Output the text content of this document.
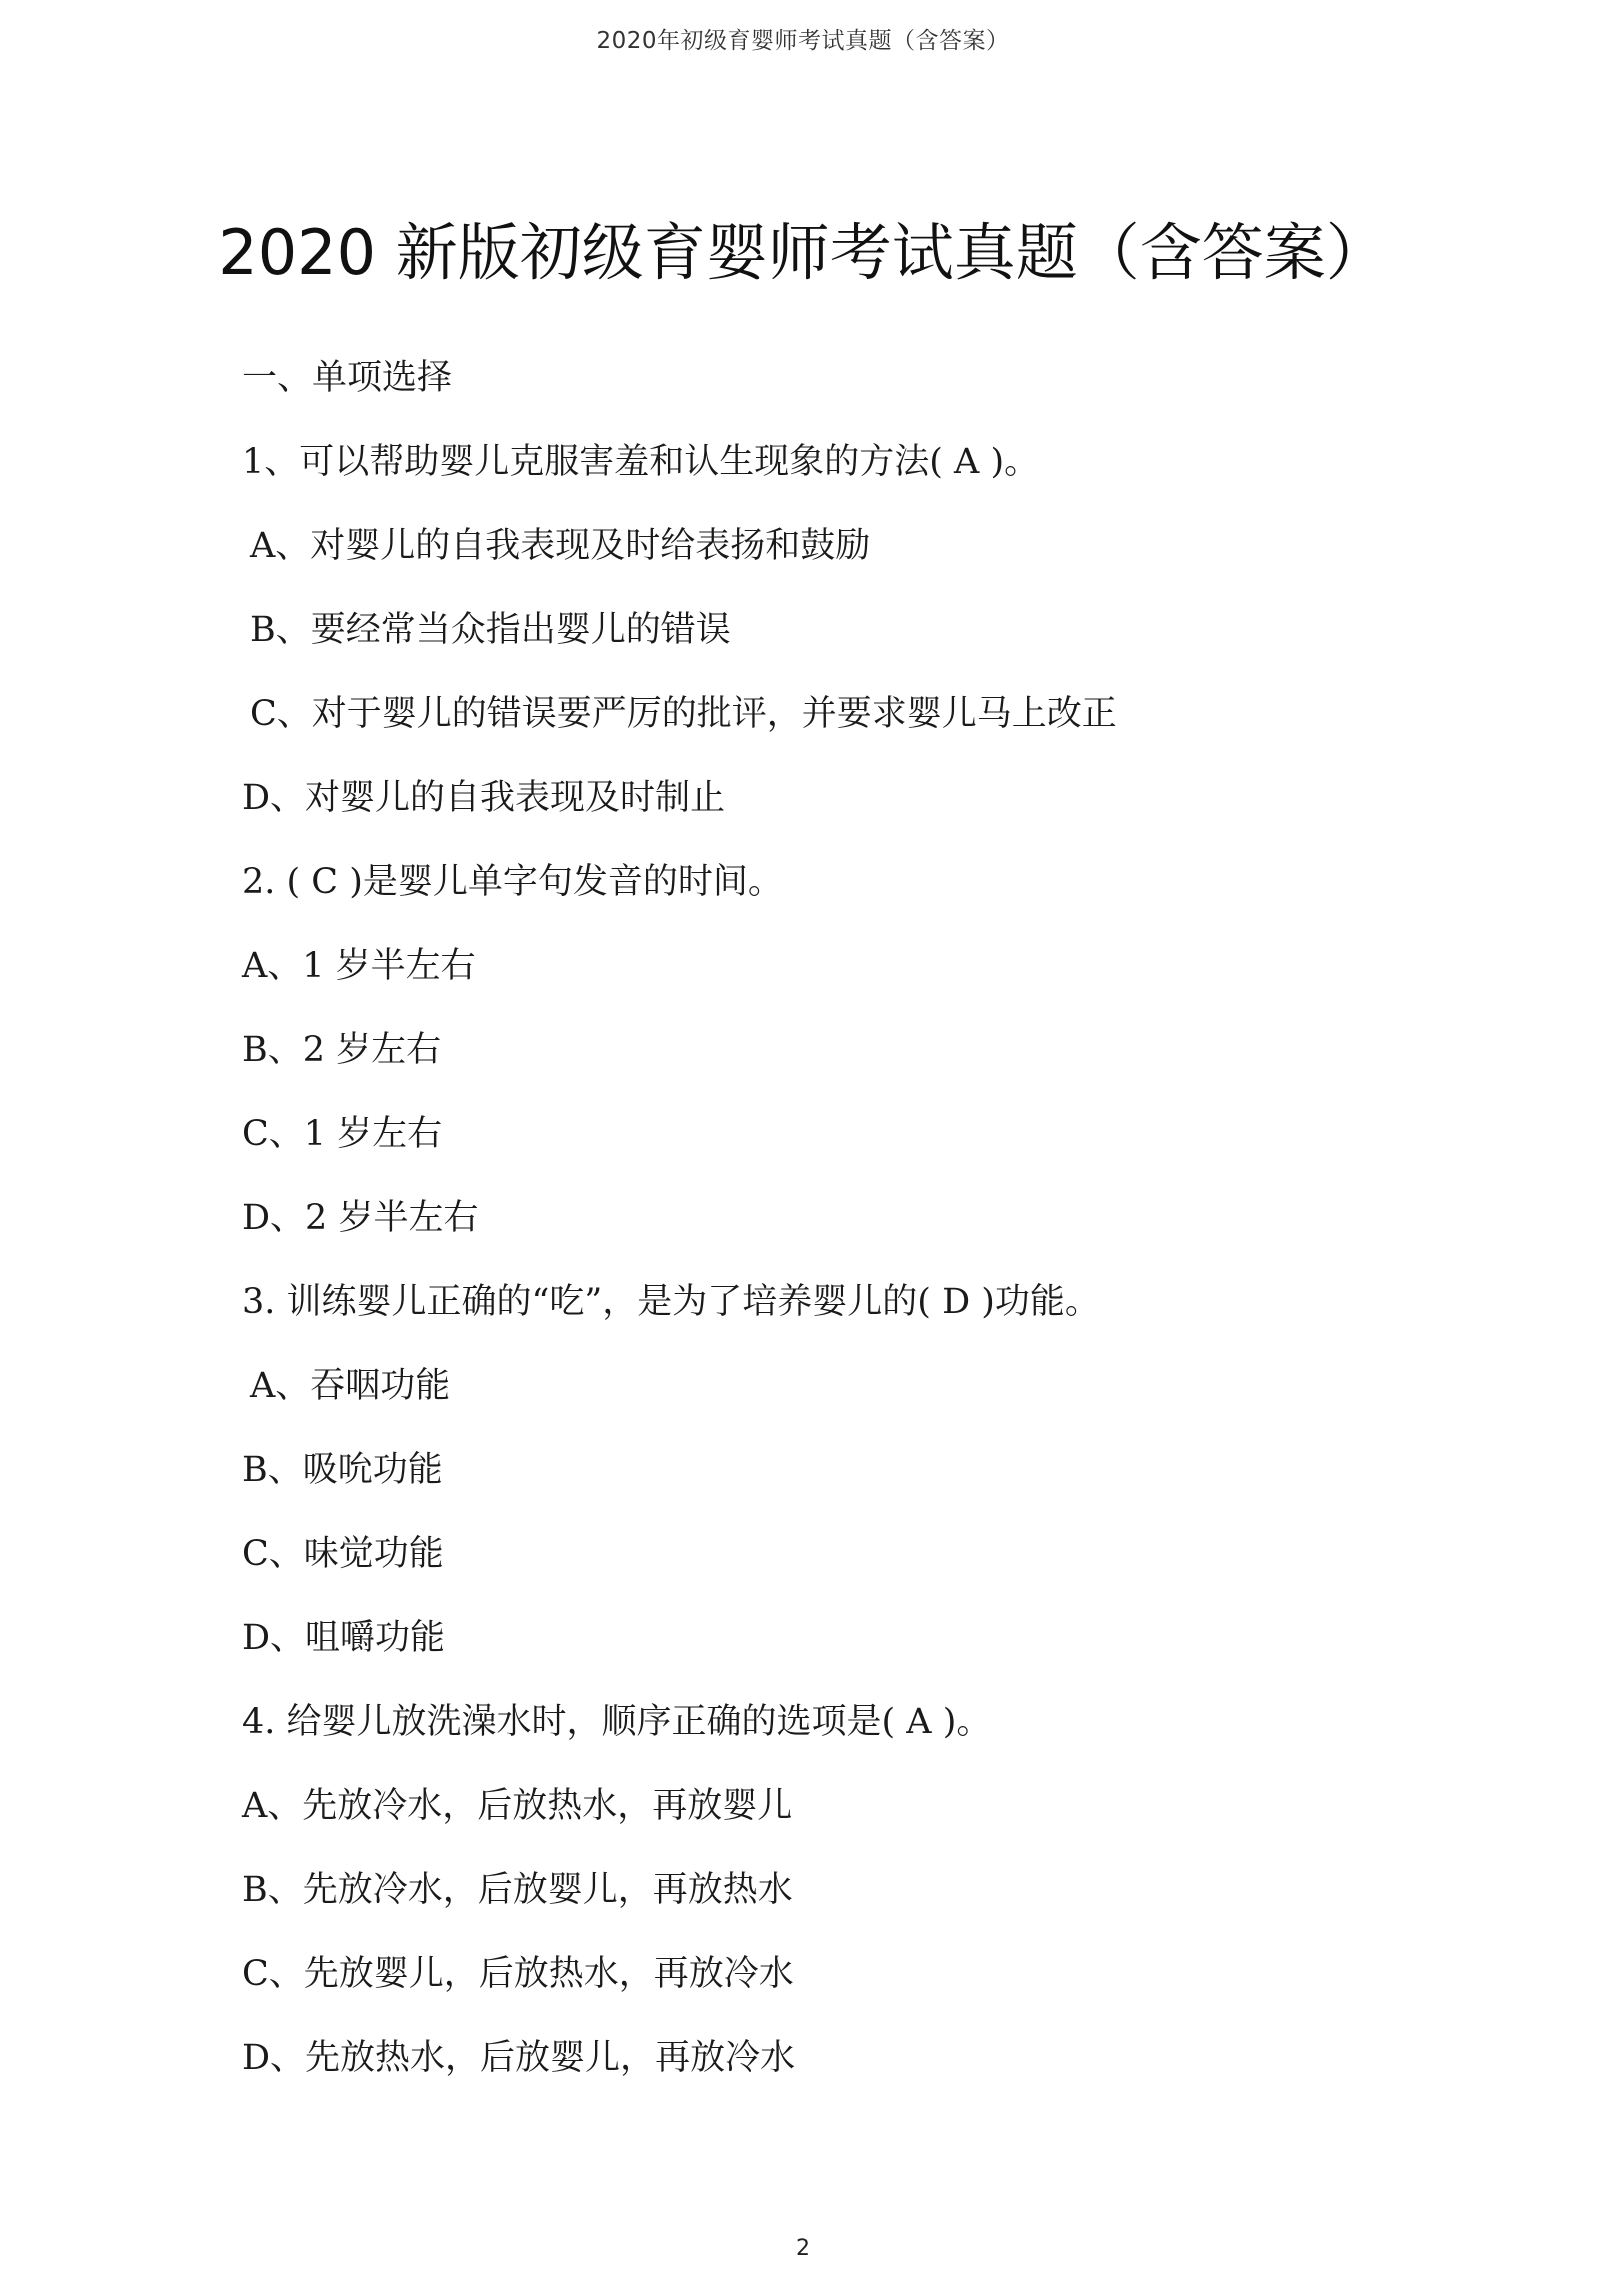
2020年初级育婴师考试真题（含答案）
2020 新版初级育婴师考试真题（含答案）
一、单项选择
1、可以帮助婴儿克服害羞和认生现象的方法( A )。
A、对婴儿的自我表现及时给表扬和鼓励
B、要经常当众指出婴儿的错误
C、对于婴儿的错误要严厉的批评，并要求婴儿马上改正
D、对婴儿的自我表现及时制止
2. ( C )是婴儿单字句发音的时间。
A、1 岁半左右
B、2 岁左右
C、1 岁左右
D、2 岁半左右
3. 训练婴儿正确的“吃”，是为了培养婴儿的( D )功能。
A、吞咽功能
B、吸吮功能
C、味觉功能
D、咀嚼功能
4. 给婴儿放洗澡水时，顺序正确的选项是( A )。
A、先放冷水，后放热水，再放婴儿
B、先放冷水，后放婴儿，再放热水
C、先放婴儿，后放热水，再放冷水
D、先放热水，后放婴儿，再放冷水
2
